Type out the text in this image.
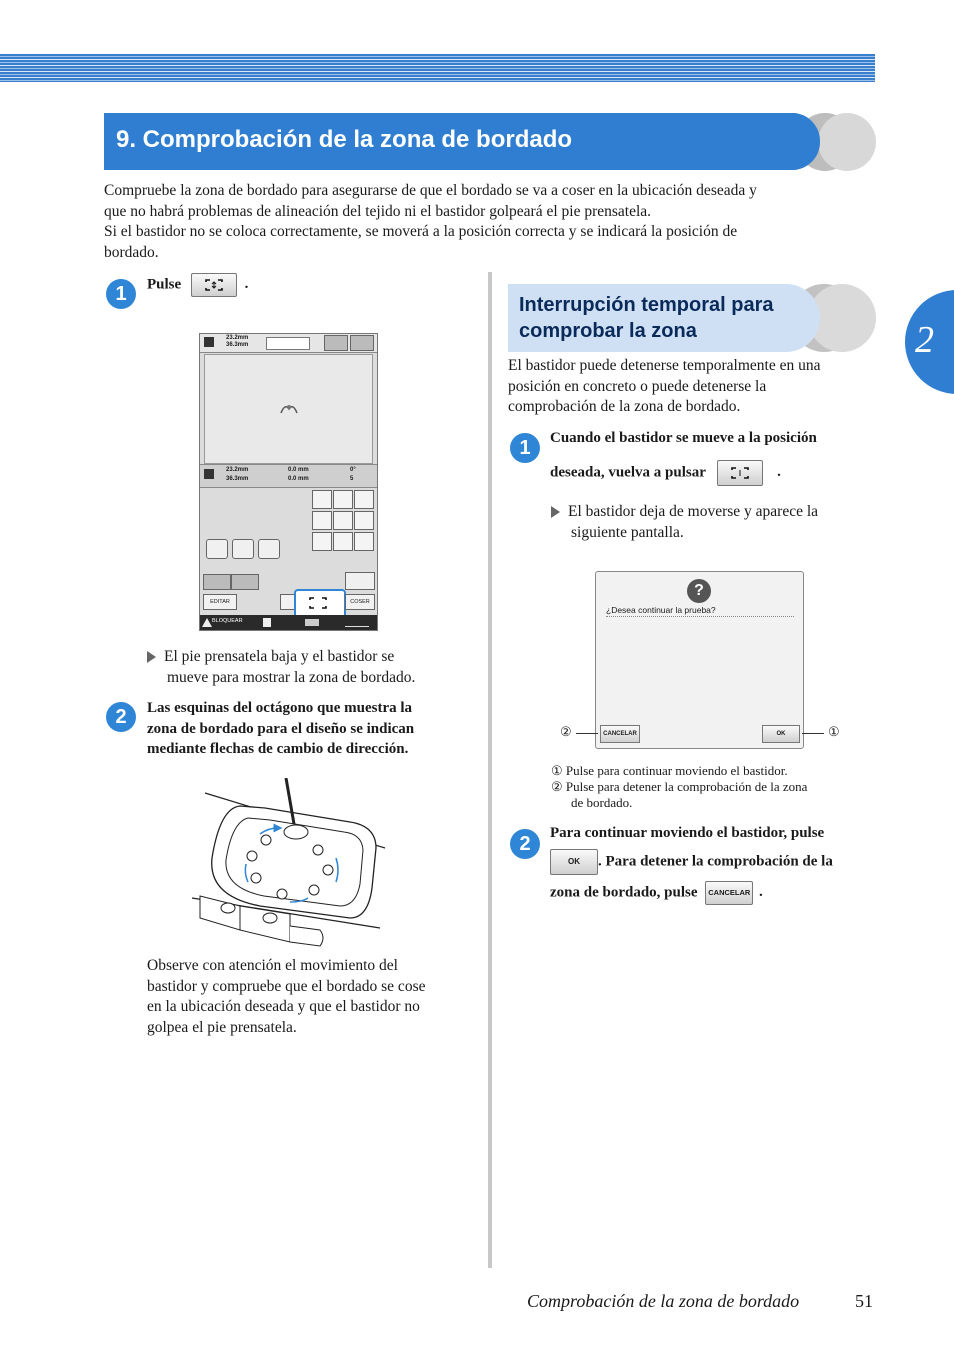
9. Comprobación de la zona de bordado
2
Compruebe la zona de bordado para asegurarse de que el bordado se va a coser en la ubicación deseada y
que no habrá problemas de alineación del tejido ni el bastidor golpeará el pie prensatela.
Si el bastidor no se coloca correctamente, se moverá a la posición correcta y se indicará la posición de
bordado.
1	Pulse	.
23.2mm
36.3mm
23.2mm
36.3mm
0.0 mm
0.0 mm
0°
5
EDITAR	COSER
BLOQUEAR
El pie prensatela baja y el bastidor se
mueve para mostrar la zona de bordado.
2	Las esquinas del octágono que muestra la
zona de bordado para el diseño se indican
mediante flechas de cambio de dirección.
Observe con atención el movimiento del
bastidor y compruebe que el bordado se cose
en la ubicación deseada y que el bastidor no
golpea el pie prensatela.
Interrupción temporal para
comprobar la zona
El bastidor puede detenerse temporalmente en una
posición en concreto o puede detenerse la
comprobación de la zona de bordado.
1	Cuando el bastidor se mueve a la posición
deseada, vuelva a pulsar	.
El bastidor deja de moverse y aparece la
siguiente pantalla.
?
¿Desea continuar la prueba?
CANCELAR	OK
②	①
① Pulse para continuar moviendo el bastidor.
② Pulse para detener la comprobación de la zona
de bordado.
2	Para continuar moviendo el bastidor, pulse
OK . Para detener la comprobación de la
zona de bordado, pulse CANCELAR .
Comprobación de la zona de bordado	51
